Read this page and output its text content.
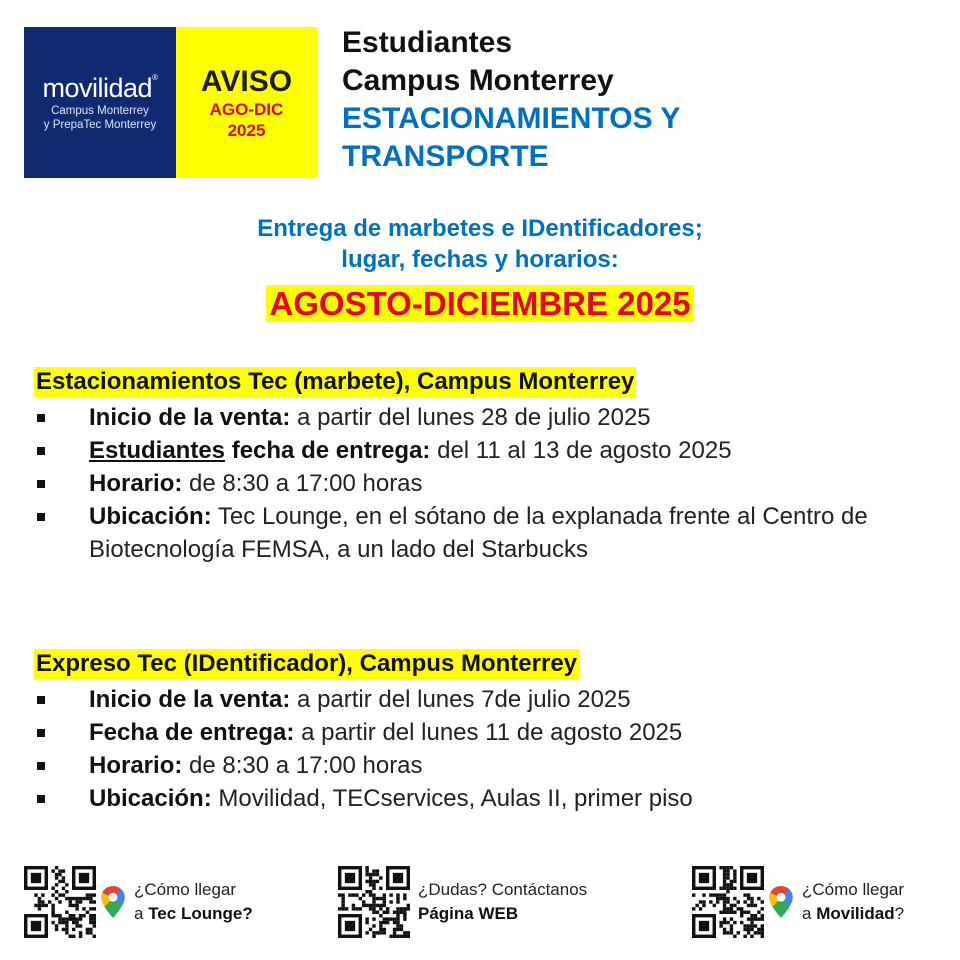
movilidad®
Campus Monterrey
y PrepaTec Monterrey
AVISO
AGO-DIC
2025
Estudiantes
Campus Monterrey
ESTACIONAMIENTOS Y
TRANSPORTE
Entrega de marbetes e IDentificadores;
lugar, fechas y horarios:
AGOSTO-DICIEMBRE 2025
Estacionamientos Tec (marbete), Campus Monterrey
Inicio de la venta: a partir del lunes 28 de julio 2025
Estudiantes fecha de entrega: del 11 al 13 de agosto 2025
Horario: de 8:30 a 17:00 horas
Ubicación: Tec Lounge, en el sótano de la explanada frente al Centro de Biotecnología FEMSA, a un lado del Starbucks
Expreso Tec (IDentificador), Campus Monterrey
Inicio de la venta: a partir del lunes 7de julio 2025
Fecha de entrega: a partir del lunes 11 de agosto 2025
Horario: de 8:30 a 17:00 horas
Ubicación: Movilidad, TECservices, Aulas II, primer piso
¿Cómo llegar
a Tec Lounge?
¿Dudas? Contáctanos
Página WEB
¿Cómo llegar
a Movilidad?
